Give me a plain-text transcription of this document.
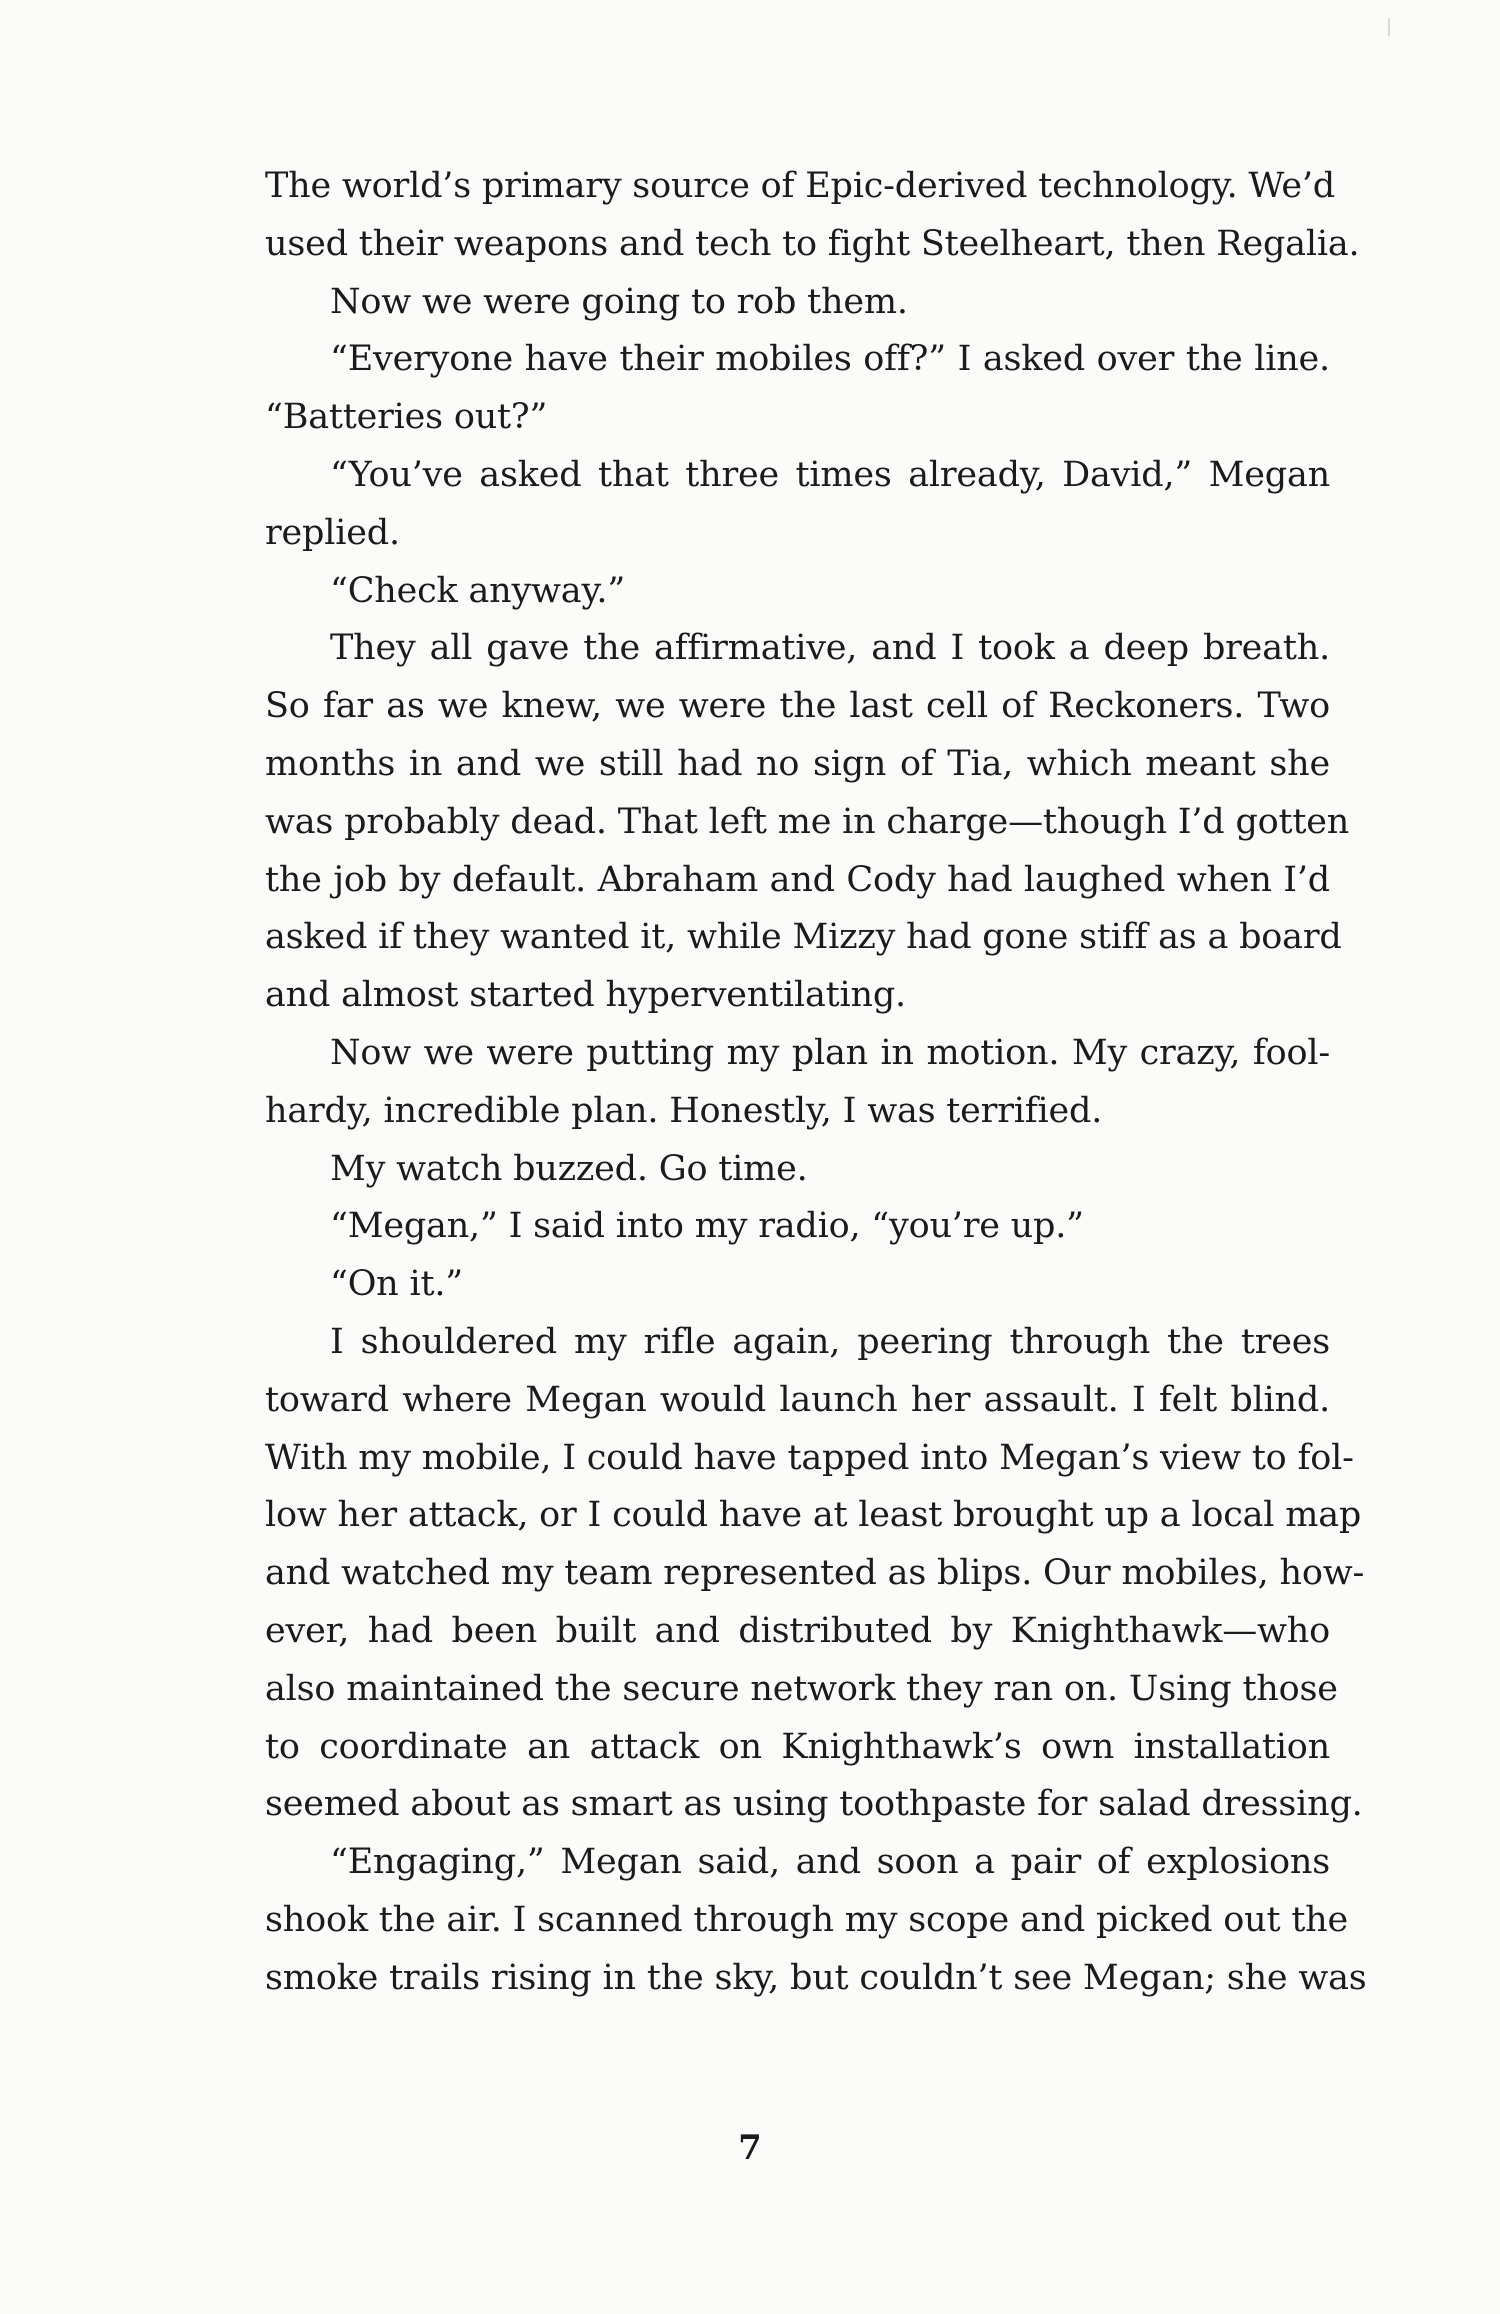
The world’s primary source of Epic-derived technology. We’d
used their weapons and tech to fight Steelheart, then Regalia.
Now we were going to rob them.
“Everyone have their mobiles off?” I asked over the line.
“Batteries out?”
“You’ve asked that three times already, David,” Megan
replied.
“Check anyway.”
They all gave the affirmative, and I took a deep breath.
So far as we knew, we were the last cell of Reckoners. Two
months in and we still had no sign of Tia, which meant she
was probably dead. That left me in charge—though I’d gotten
the job by default. Abraham and Cody had laughed when I’d
asked if they wanted it, while Mizzy had gone stiff as a board
and almost started hyperventilating.
Now we were putting my plan in motion. My crazy, fool-
hardy, incredible plan. Honestly, I was terrified.
My watch buzzed. Go time.
“Megan,” I said into my radio, “you’re up.”
“On it.”
I shouldered my rifle again, peering through the trees
toward where Megan would launch her assault. I felt blind.
With my mobile, I could have tapped into Megan’s view to fol-
low her attack, or I could have at least brought up a local map
and watched my team represented as blips. Our mobiles, how-
ever, had been built and distributed by Knighthawk—who
also maintained the secure network they ran on. Using those
to coordinate an attack on Knighthawk’s own installation
seemed about as smart as using toothpaste for salad dressing.
“Engaging,” Megan said, and soon a pair of explosions
shook the air. I scanned through my scope and picked out the
smoke trails rising in the sky, but couldn’t see Megan; she was
7
